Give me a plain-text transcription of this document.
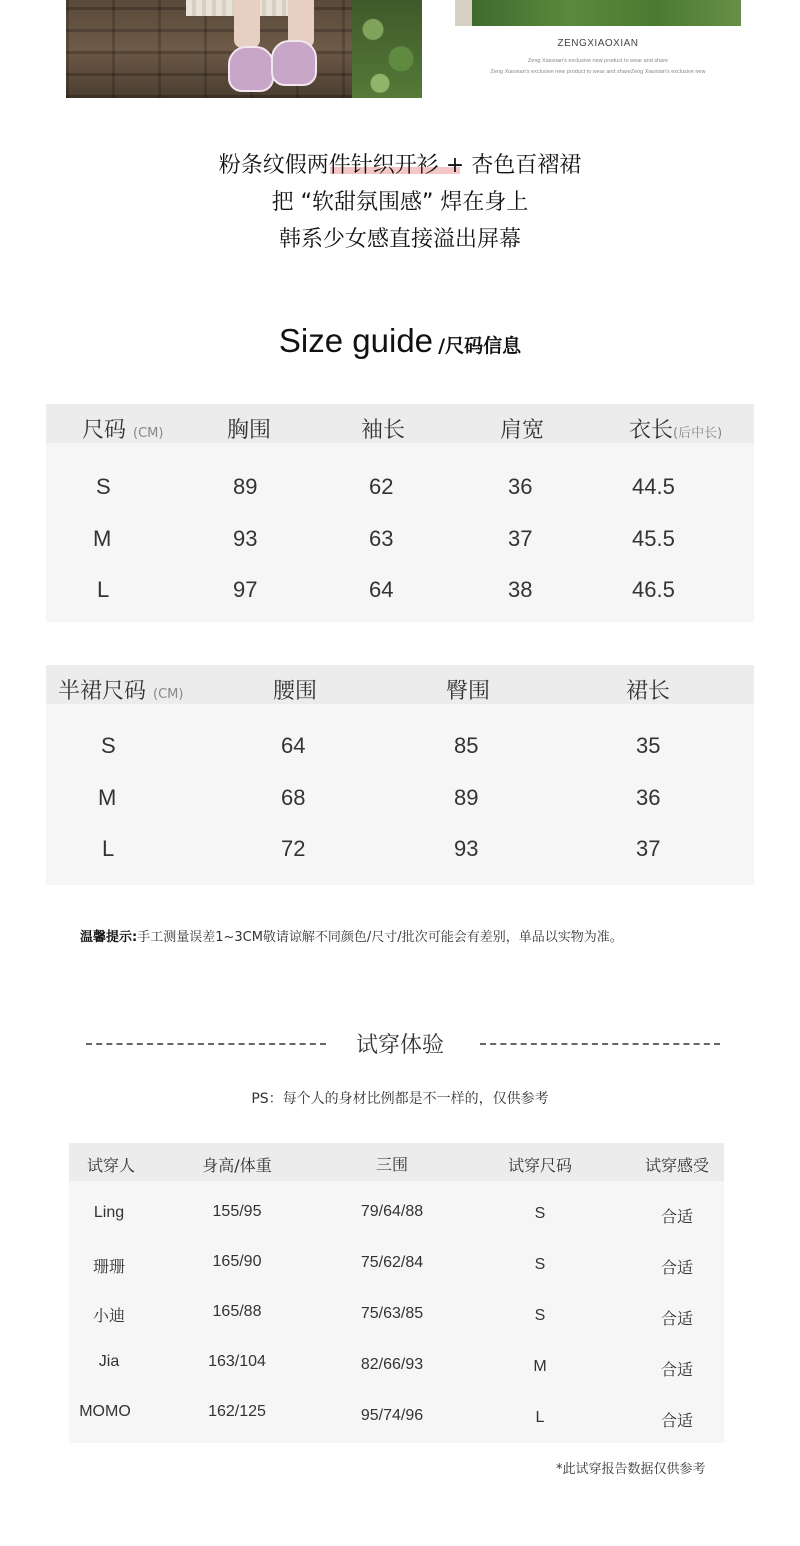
ZENGXIAOXIAN
Zeng Xiaoxian's exclusive new product to wear and share
Zeng Xiaoxian's exclusive new product to wear and shareZeng Xiaoxian's exclusive new
粉条纹假两件针织开衫 + 杏色百褶裙
把 “软甜氛围感” 焊在身上
韩系少女感直接溢出屏幕
Size guide /尺码信息
尺码 (CM)	胸围	袖长	肩宽	衣长(后中长)
S	89	62	36	44.5
M	93	63	37	45.5
L	97	64	38	46.5
半裙尺码 (CM)	腰围	臀围	裙长
S	64	85	35
M	68	89	36
L	72	93	37
温馨提示:手工测量误差1~3CM敬请谅解不同颜色/尺寸/批次可能会有差别，单品以实物为准。
试穿体验
PS：每个人的身材比例都是不一样的，仅供参考
试穿人	身高/体重	三围	试穿尺码	试穿感受
Ling	155/95	79/64/88	S	合适
珊珊	165/90	75/62/84	S	合适
小迪	165/88	75/63/85	S	合适
Jia	163/104	82/66/93	M	合适
MOMO	162/125	95/74/96	L	合适
*此试穿报告数据仅供参考
